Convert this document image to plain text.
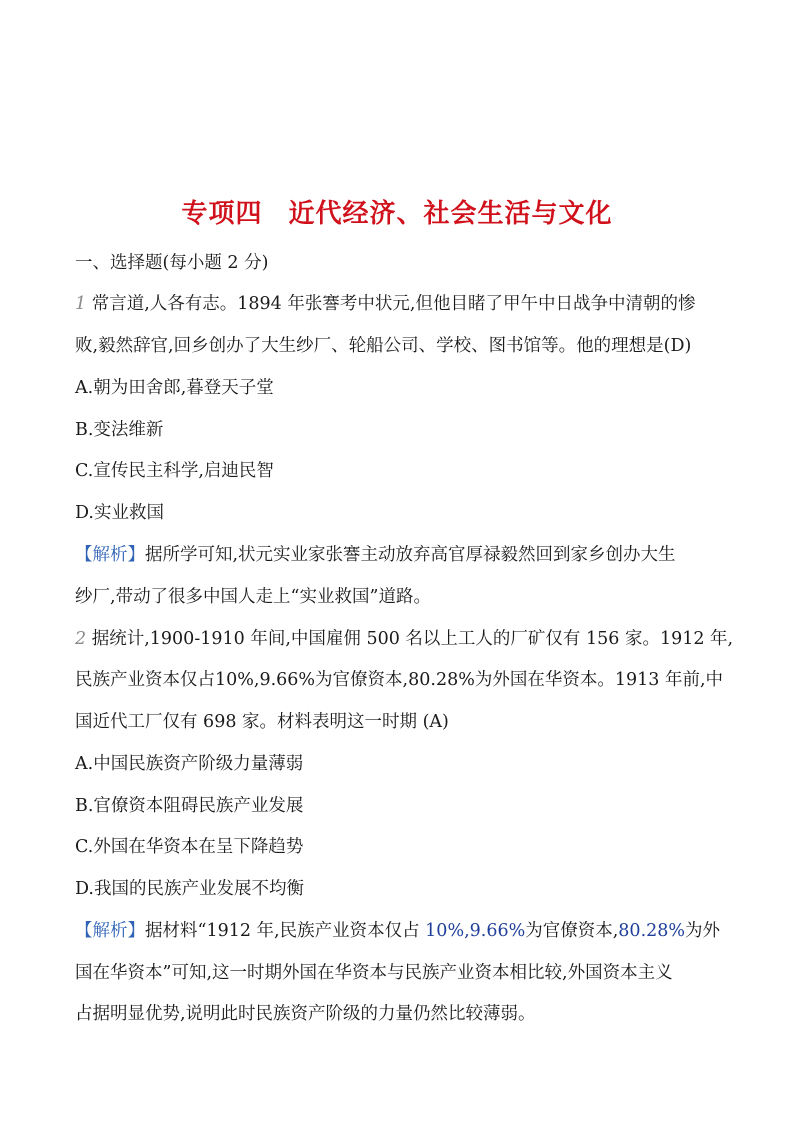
专项四 近代经济、社会生活与文化
一、选择题(每小题 2 分)
1 常言道,人各有志。1894 年张謇考中状元,但他目睹了甲午中日战争中清朝的惨
败,毅然辞官,回乡创办了大生纱厂、轮船公司、学校、图书馆等。他的理想是(D)
A.朝为田舍郎,暮登天子堂
B.变法维新
C.宣传民主科学,启迪民智
D.实业救国
【解析】据所学可知,状元实业家张謇主动放弃高官厚禄毅然回到家乡创办大生
纱厂,带动了很多中国人走上“实业救国”道路。
2 据统计,1900-1910 年间,中国雇佣 500 名以上工人的厂矿仅有 156 家。1912 年,
民族产业资本仅占10%,9.66%为官僚资本,80.28%为外国在华资本。1913 年前,中
国近代工厂仅有 698 家。材料表明这一时期 (A)
A.中国民族资产阶级力量薄弱
B.官僚资本阻碍民族产业发展
C.外国在华资本在呈下降趋势
D.我国的民族产业发展不均衡
【解析】据材料“1912 年,民族产业资本仅占 10%,9.66%为官僚资本,80.28%为外
国在华资本”可知,这一时期外国在华资本与民族产业资本相比较,外国资本主义
占据明显优势,说明此时民族资产阶级的力量仍然比较薄弱。
